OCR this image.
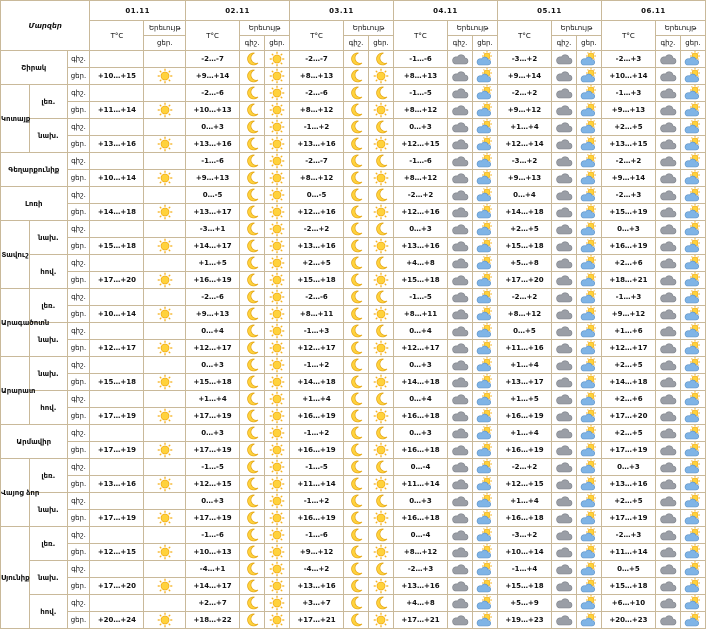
Մարզեր			01.11		02.11			03.11			04.11			05.11			06.11		
			T°C	Երեւույթ	T°C	Երեւույթ		T°C	Երեւույթ		T°C	Երեւույթ		T°C	Երեւույթ		T°C	Երեւույթ	
				ցեր.		գիշ.	ցեր.		գիշ.	ցեր.		գիշ.	ցեր.		գիշ.	ցեր.		գիշ.	ցեր.
Շիրակ		գիշ.			-2…-7			-2…-7			-1…-6			-3…+2			-2…+3	

		ցեր.	+10…+15		+9…+14			+8…+13			+8…+13			+9…+14			+10…+14	

Կոտայք	լեռ.	գիշ.			-2…-6			-2…-6			-1…-5			-2…+2			-1…+3	

		ցեր.	+11…+14		+10…+13			+8…+12			+8…+12			+9…+12			+9…+13	

	նախ.	գիշ.			0…+3			-1…+2			0…+3			+1…+4			+2…+5	

		ցեր.	+13…+16		+13…+16			+13…+16			+12…+15			+12…+14			+13…+15	

Գեղարքունիք		գիշ.			-1…-6			-2…-7			-1…-6			-3…+2			-2…+2	

		ցեր.	+10…+14		+9…+13			+8…+12			+8…+12			+9…+13			+9…+14	

Լոռի		գիշ.			0…-5			0…-5			-2…+2			0…+4			-2…+3	

		ցեր.	+14…+18		+13…+17			+12…+16			+12…+16			+14…+18			+15…+19	

Տավուշ	նախ.	գիշ.			-3…+1			-2…+2			0…+3			+2…+5			0…+3	

		ցեր.	+15…+18		+14…+17			+13…+16			+13…+16			+15…+18			+16…+19	

	հով.	գիշ.			+1…+5			+2…+5			+4…+8			+5…+8			+2…+6	

		ցեր.	+17…+20		+16…+19			+15…+18			+15…+18			+17…+20			+18…+21	

Արագածոտն	լեռ.	գիշ.			-2…-6			-2…-6			-1…-5			-2…+2			-1…+3	

		ցեր.	+10…+14		+9…+13			+8…+11			+8…+11			+8…+12			+9…+12	

	նախ.	գիշ.			0…+4			-1…+3			0…+4			0…+5			+1…+6	

		ցեր.	+12…+17		+12…+17			+12…+17			+12…+17			+11…+16			+12…+17	

Արարատ	նախ.	գիշ.			0…+3			-1…+2			0…+3			+1…+4			+2…+5	

		ցեր.	+15…+18		+15…+18			+14…+18			+14…+18			+13…+17			+14…+18	

	հով.	գիշ.			+1…+4			+1…+4			0…+4			+1…+5			+2…+6	

		ցեր.	+17…+19		+17…+19			+16…+19			+16…+18			+16…+19			+17…+20	

Արմավիր		գիշ.			0…+3			-1…+2			0…+3			+1…+4			+2…+5	

		ցեր.	+17…+19		+17…+19			+16…+19			+16…+18			+16…+19			+17…+19	

Վայոց ձոր	լեռ.	գիշ.			-1…-5			-1…-5			0…-4			-2…+2			0…+3	

		ցեր.	+13…+16		+12…+15			+11…+14			+11…+14			+12…+15			+13…+16	

	նախ.	գիշ.			0…+3			-1…+2			0…+3			+1…+4			+2…+5	

		ցեր.	+17…+19		+17…+19			+16…+19			+16…+18			+16…+18			+17…+19	

Սյունիք	լեռ.	գիշ.			-1…-6			-1…-6			0…-4			-3…+2			-2…+3	

		ցեր.	+12…+15		+10…+13			+9…+12			+8…+12			+10…+14			+11…+14	

	նախ.	գիշ.			-4…+1			-4…+2			-2…+3			-1…+4			0…+5	

		ցեր.	+17…+20		+14…+17			+13…+16			+13…+16			+15…+18			+15…+18	

	հով.	գիշ.			+2…+7			+3…+7			+4…+8			+5…+9			+6…+10	

		ցեր.	+20…+24		+18…+22			+17…+21			+17…+21			+19…+23			+20…+23	
